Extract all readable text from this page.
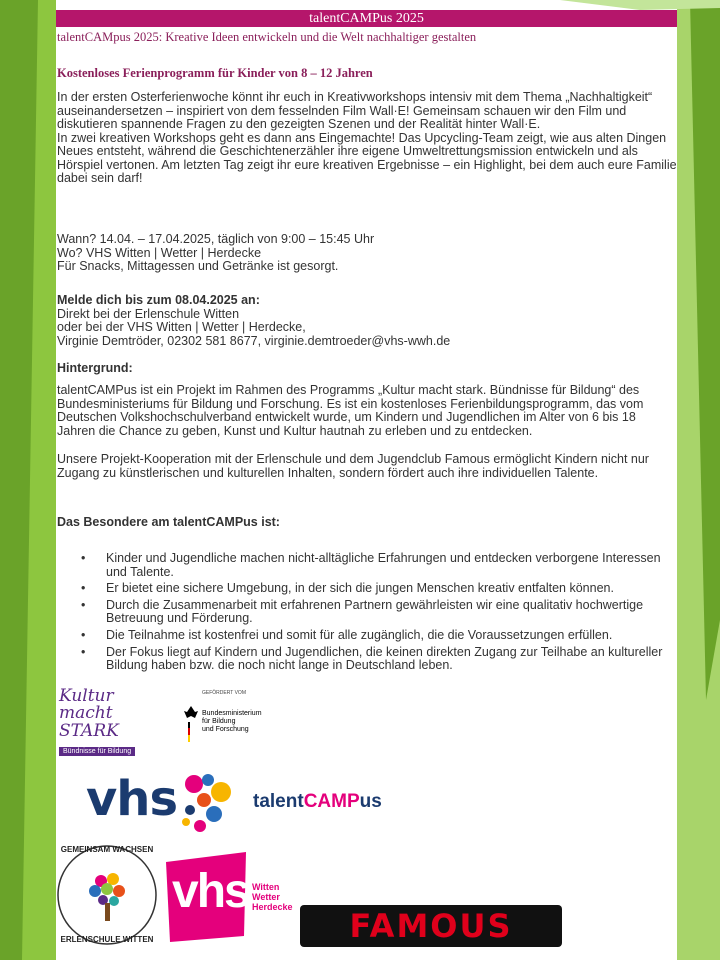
talentCAMPus 2025
talentCAMpus 2025: Kreative Ideen entwickeln und die Welt nachhaltiger gestalten
Kostenloses Ferienprogramm für Kinder von 8 – 12 Jahren

In der ersten Osterferienwoche könnt ihr euch in Kreativworkshops intensiv mit dem Thema „Nachhaltigkeit“ auseinandersetzen – inspiriert von dem fesselnden Film Wall·E! Gemeinsam schauen wir den Film und diskutieren spannende Fragen zu den gezeigten Szenen und der Realität hinter Wall·E.

In zwei kreativen Workshops geht es dann ans Eingemachte! Das Upcycling-Team zeigt, wie aus alten Dingen Neues entsteht, während die Geschichtenerzähler ihre eigene Umweltrettungsmission entwickeln und als Hörspiel vertonen. Am letzten Tag zeigt ihr eure kreativen Ergebnisse – ein Highlight, bei dem auch eure Familie dabei sein darf!

Wann? 14.04. – 17.04.2025, täglich von 9:00 – 15:45 Uhr

Wo? VHS Witten | Wetter | Herdecke

Für Snacks, Mittagessen und Getränke ist gesorgt.

Melde dich bis zum 08.04.2025 an:

Direkt bei der Erlenschule Witten

oder bei der VHS Witten | Wetter | Herdecke,

Virginie Demtröder, 02302 581 8677, virginie.demtroeder@vhs-wwh.de

Hintergrund:
talentCAMPus ist ein Projekt im Rahmen des Programms „Kultur macht stark. Bündnisse für Bildung“ des Bundesministeriums für Bildung und Forschung. Es ist ein kostenloses Ferienbildungsprogramm, das vom Deutschen Volkshochschulverband entwickelt wurde, um Kindern und Jugendlichen im Alter von 6 bis 18 Jahren die Chance zu geben, Kunst und Kultur hautnah zu erleben und zu entdecken.
Unsere Projekt-Kooperation mit der Erlenschule und dem Jugendclub Famous ermöglicht Kindern nicht nur Zugang zu künstlerischen und kulturellen Inhalten, sondern fördert auch ihre individuellen Talente.
Das Besondere am talentCAMPus ist:
• Kinder und Jugendliche machen nicht-alltägliche Erfahrungen und entdecken verborgene Interessen und Talente.
• Er bietet eine sichere Umgebung, in der sich die jungen Menschen kreativ entfalten können.
• Durch die Zusammenarbeit mit erfahrenen Partnern gewährleisten wir eine qualitativ hochwertige Betreuung und Förderung.
• Die Teilnahme ist kostenfrei und somit für alle zugänglich, die die Voraussetzungen erfüllen.
• Der Fokus liegt auf Kindern und Jugendlichen, die keinen direkten Zugang zur Teilhabe an kultureller Bildung haben bzw. die noch nicht lange in Deutschland leben.
Kultur
macht STARK
Bündnisse für Bildung
GEFÖRDERT VOM
Bundesministerium
für Bildung
und Forschung
vhs	talentCAMPus
GEMEINSAM WACHSEN
ERLENSCHULE WITTEN
vhs Witten
Wetter
Herdecke	FAMOUS
